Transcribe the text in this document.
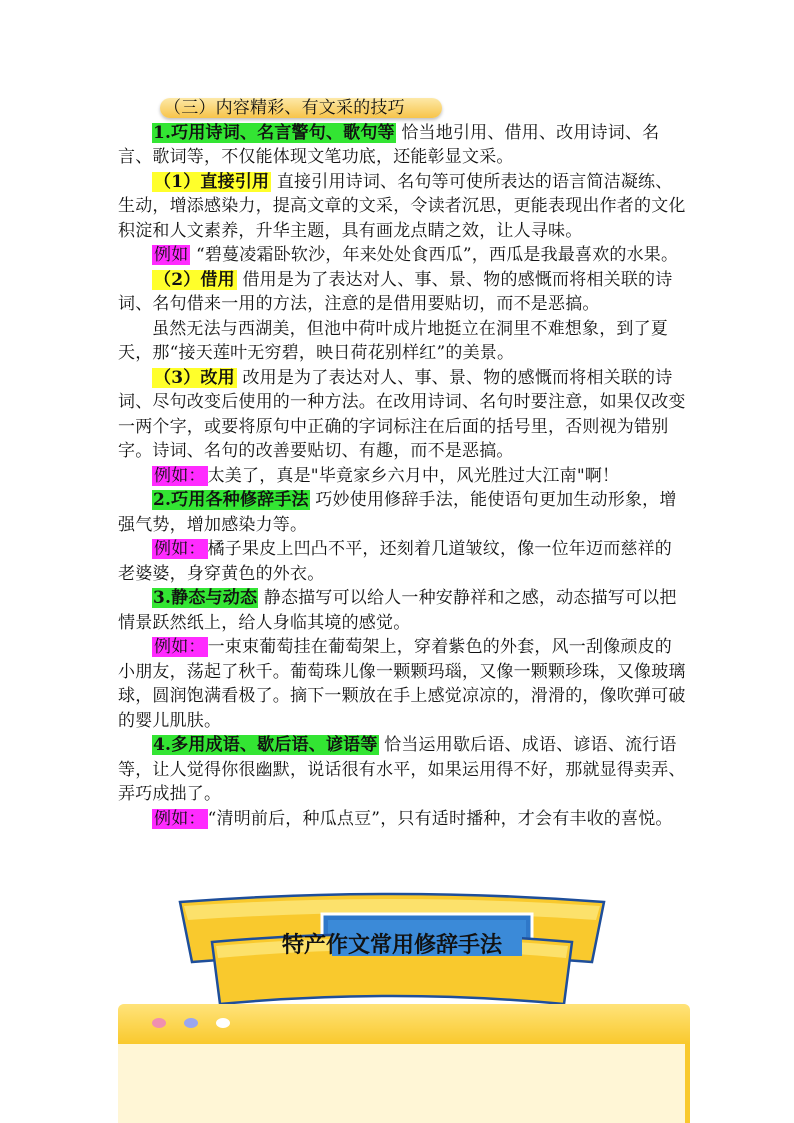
（三）内容精彩、有文采的技巧

1.巧用诗词、名言警句、歌句等 恰当地引用、借用、改用诗词、名言、歌词等，不仅能体现文笔功底，还能彰显文采。

（1）直接引用 直接引用诗词、名句等可使所表达的语言简洁凝练、生动，增添感染力，提高文章的文采，令读者沉思，更能表现出作者的文化积淀和人文素养，升华主题，具有画龙点睛之效，让人寻味。

例如 “碧蔓凌霜卧软沙，年来处处食西瓜”，西瓜是我最喜欢的水果。

（2）借用 借用是为了表达对人、事、景、物的感慨而将相关联的诗词、名句借来一用的方法，注意的是借用要贴切，而不是恶搞。

虽然无法与西湖美，但池中荷叶成片地挺立在洞里不难想象，到了夏天，那“接天莲叶无穷碧，映日荷花别样红”的美景。

（3）改用 改用是为了表达对人、事、景、物的感慨而将相关联的诗词、尽句改变后使用的一种方法。在改用诗词、名句时要注意，如果仅改变一两个字，或要将原句中正确的字词标注在后面的括号里，否则视为错别字。诗词、名句的改善要贴切、有趣，而不是恶搞。

例如： 太美了，真是"毕竟家乡六月中，风光胜过大江南"啊！

2.巧用各种修辞手法 巧妙使用修辞手法，能使语句更加生动形象，增强气势，增加感染力等。

例如： 橘子果皮上凹凸不平，还刻着几道皱纹，像一位年迈而慈祥的老婆婆，身穿黄色的外衣。

3.静态与动态 静态描写可以给人一种安静祥和之感，动态描写可以把情景跃然纸上，给人身临其境的感觉。

例如： 一束束葡萄挂在葡萄架上，穿着紫色的外套，风一刮像顽皮的小朋友，荡起了秋千。葡萄珠儿像一颗颗玛瑙，又像一颗颗珍珠，又像玻璃球，圆润饱满看极了。摘下一颗放在手上感觉凉凉的，滑滑的，像吹弹可破的婴儿肌肤。

4.多用成语、歇后语、谚语等 恰当运用歇后语、成语、谚语、流行语等，让人觉得你很幽默，说话很有水平，如果运用得不好，那就显得卖弄、弄巧成拙了。

例如： “清明前后，种瓜点豆”，只有适时播种，才会有丰收的喜悦。

特产作文常用修辞手法
